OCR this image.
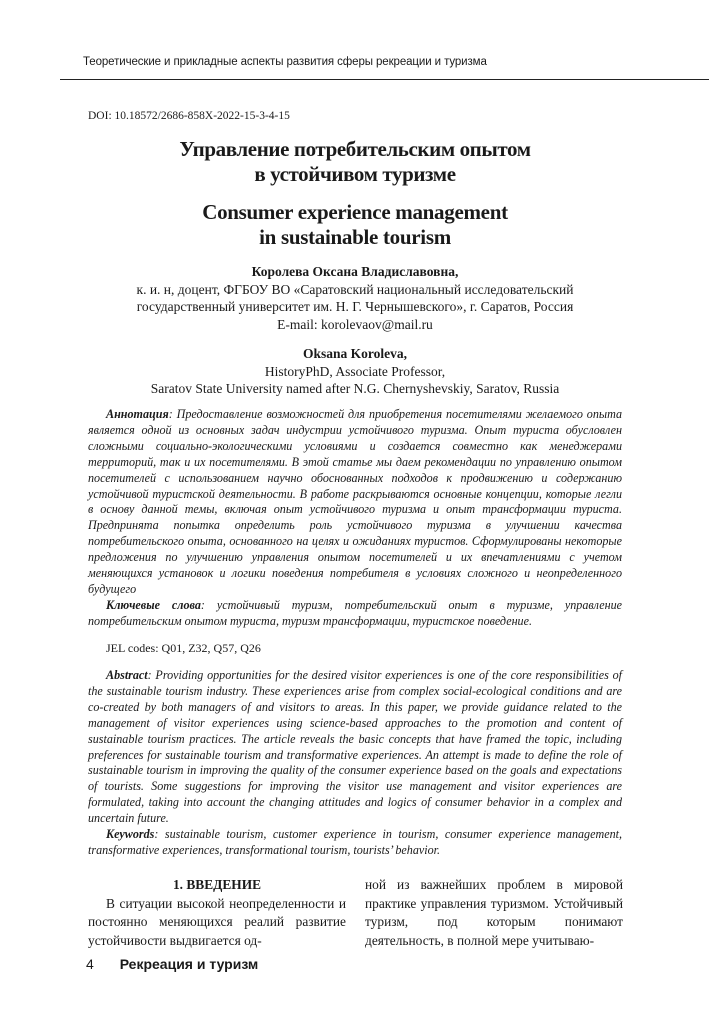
Теоретические и прикладные аспекты развития сферы рекреации и туризма
DOI: 10.18572/2686-858X-2022-15-3-4-15
Управление потребительским опытом
в устойчивом туризме
Consumer experience management
in sustainable tourism
Королева Оксана Владиславовна,
к. и. н, доцент, ФГБОУ ВО «Саратовский национальный исследовательский
государственный университет им. Н. Г. Чернышевского», г. Саратов, Россия
E-mail: korolevaov@mail.ru
Oksana Koroleva,
HistoryPhD, Associate Professor,
Saratov State University named after N.G. Chernyshevskiy, Saratov, Russia

Аннотация: Предоставление возможностей для приобретения посетителями желаемого опыта является одной из основных задач индустрии устойчивого туризма. Опыт туриста обусловлен сложными социально-экологическими условиями и создается совместно как менеджерами территорий, так и их посетителями. В этой статье мы даем рекомендации по управлению опытом посетителей с использованием научно обоснованных подходов к продвижению и содержанию устойчивой туристской деятельности. В работе раскрываются основные концепции, которые легли в основу данной темы, включая опыт устойчивого туризма и опыт трансформации туриста. Предпринята попытка определить роль устойчивого туризма в улучшении качества потребительского опыта, основанного на целях и ожиданиях туристов. Сформулированы некоторые предложения по улучшению управления опытом посетителей и их впечатлениями с учетом меняющихся установок и логики поведения потребителя в условиях сложного и неопределенного будущего

Ключевые слова: устойчивый туризм, потребительский опыт в туризме, управление потребительским опытом туриста, туризм трансформации, туристское поведение.

JEL codes: Q01, Z32, Q57, Q26

Abstract: Providing opportunities for the desired visitor experiences is one of the core responsibilities of the sustainable tourism industry. These experiences arise from complex social-ecological conditions and are co-created by both managers of and visitors to areas. In this paper, we provide guidance related to the management of visitor experiences using science-based approaches to the promotion and content of sustainable tourism practices. The article reveals the basic concepts that have framed the topic, including preferences for sustainable tourism and transformative experiences. An attempt is made to define the role of sustainable tourism in improving the quality of the consumer experience based on the goals and expectations of tourists. Some suggestions for improving the visitor use management and visitor experiences are formulated, taking into account the changing attitudes and logics of consumer behavior in a complex and uncertain future.

Keywords: sustainable tourism, customer experience in tourism, consumer experience management, transformative experiences, transformational tourism, tourists’ behavior.

1. ВВЕДЕНИЕ

В ситуации высокой неопределенности и постоянно меняющихся реалий развитие устойчивости выдвигается од-

ной из важнейших проблем в мировой практике управления туризмом. Устойчивый туризм, под которым понимают деятельность, в полной мере учитываю-

4 Рекреация и туризм
